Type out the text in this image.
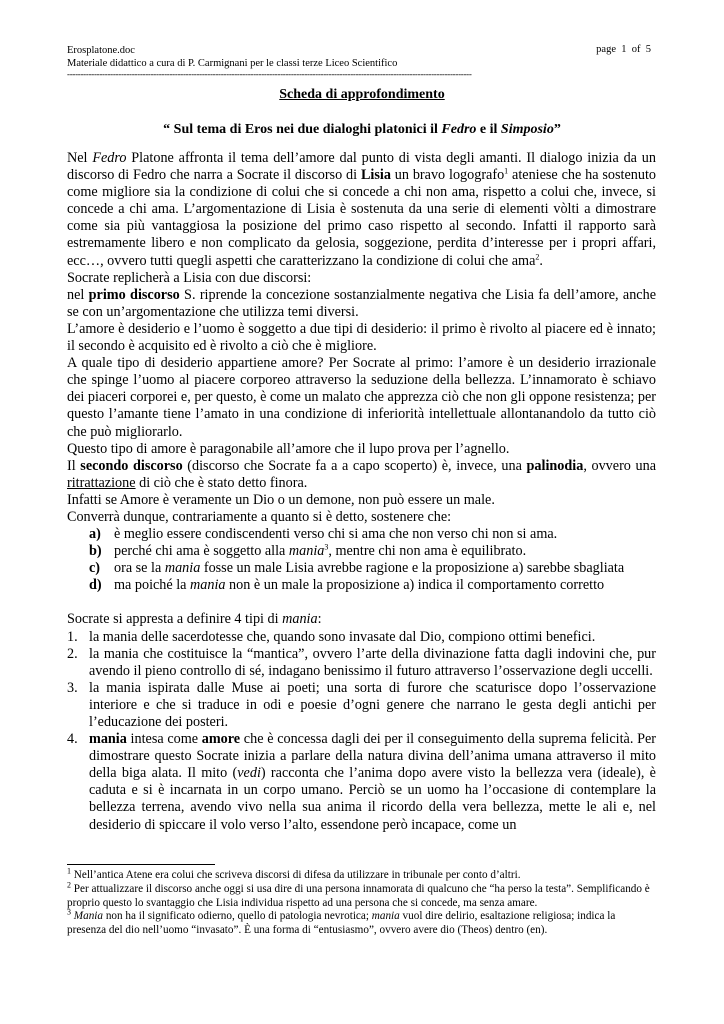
Erosplatone.doc	page 1 of 5
Materiale didattico a cura di P. Carmignani per le classi terze Liceo Scientifico
------------------------------------------------------------------------------------------------------------------------------------------------------
Scheda di approfondimento
“ Sul tema di Eros nei due dialoghi platonici il Fedro e il Simposio”

Nel Fedro Platone affronta il tema dell’amore dal punto di vista degli amanti. Il dialogo inizia da un discorso di Fedro che narra a Socrate il discorso di Lisia un bravo logografo$^1$ ateniese che ha sostenuto come migliore sia la condizione di colui che si concede a chi non ama, rispetto a colui che, invece, si concede a chi ama. L’argomentazione di Lisia è sostenuta da una serie di elementi vòlti a dimostrare come sia più vantaggiosa la posizione del primo caso rispetto al secondo. Infatti il rapporto sarà estremamente libero e non complicato da gelosia, soggezione, perdita d’interesse per i propri affari, ecc…, ovvero tutti quegli aspetti che caratterizzano la condizione di colui che ama$^2$.

Socrate replicherà a Lisia con due discorsi:

nel primo discorso S. riprende la concezione sostanzialmente negativa che Lisia fa dell’amore, anche se con un’argomentazione che utilizza temi diversi.

L’amore è desiderio e l’uomo è soggetto a due tipi di desiderio: il primo è rivolto al piacere ed è innato; il secondo è acquisito ed è rivolto a ciò che è migliore.

A quale tipo di desiderio appartiene amore? Per Socrate al primo: l’amore è un desiderio irrazionale che spinge l’uomo al piacere corporeo attraverso la seduzione della bellezza. L’innamorato è schiavo dei piaceri corporei e, per questo, è come un malato che apprezza ciò che non gli oppone resistenza; per questo l’amante tiene l’amato in una condizione di inferiorità intellettuale allontanandolo da tutto ciò che può migliorarlo.

Questo tipo di amore è paragonabile all’amore che il lupo prova per l’agnello.

Il secondo discorso (discorso che Socrate fa a a capo scoperto) è, invece, una palinodia, ovvero una ritrattazione di ciò che è stato detto finora.

Infatti se Amore è veramente un Dio o un demone, non può essere un male.

Converrà dunque, contrariamente a quanto si è detto, sostenere che:

a) è meglio essere condiscendenti verso chi si ama che non verso chi non si ama.
b) perché chi ama è soggetto alla mania$^3$, mentre chi non ama è equilibrato.
c) ora se la mania fosse un male Lisia avrebbe ragione e la proposizione a) sarebbe sbagliata
d) ma poiché la mania non è un male la proposizione a) indica il comportamento corretto

Socrate si appresta a definire 4 tipi di mania:

1. la mania delle sacerdotesse che, quando sono invasate dal Dio, compiono ottimi benefici.
2. la mania che costituisce la “mantica”, ovvero l’arte della divinazione fatta dagli indovini che, pur avendo il pieno controllo di sé, indagano benissimo il futuro attraverso l’osservazione degli uccelli.
3. la mania ispirata dalle Muse ai poeti; una sorta di furore che scaturisce dopo l’osservazione interiore e che si traduce in odi e poesie d’ogni genere che narrano le gesta degli antichi per l’educazione dei posteri.
4. mania intesa come amore che è concessa dagli dei per il conseguimento della suprema felicità. Per dimostrare questo Socrate inizia a parlare della natura divina dell’anima umana attraverso il mito della biga alata. Il mito (vedi) racconta che l’anima dopo avere visto la bellezza vera (ideale), è caduta e si è incarnata in un corpo umano. Perciò se un uomo ha l’occasione di contemplare la bellezza terrena, avendo vivo nella sua anima il ricordo della vera bellezza, mette le ali e, nel desiderio di spiccare il volo verso l’alto, essendone però incapace, come un

$^1$ Nell’antica Atene era colui che scriveva discorsi di difesa da utilizzare in tribunale per conto d’altri.

$^2$ Per attualizzare il discorso anche oggi si usa dire di una persona innamorata di qualcuno che “ha perso la testa”. Semplificando è proprio questo lo svantaggio che Lisia individua rispetto ad una persona che si concede, ma senza amare.

$^3$ Mania non ha il significato odierno, quello di patologia nevrotica; mania vuol dire delirio, esaltazione religiosa; indica la presenza del dio nell’uomo “invasato”. È una forma di “entusiasmo”, ovvero avere dio (Theos) dentro (en).
